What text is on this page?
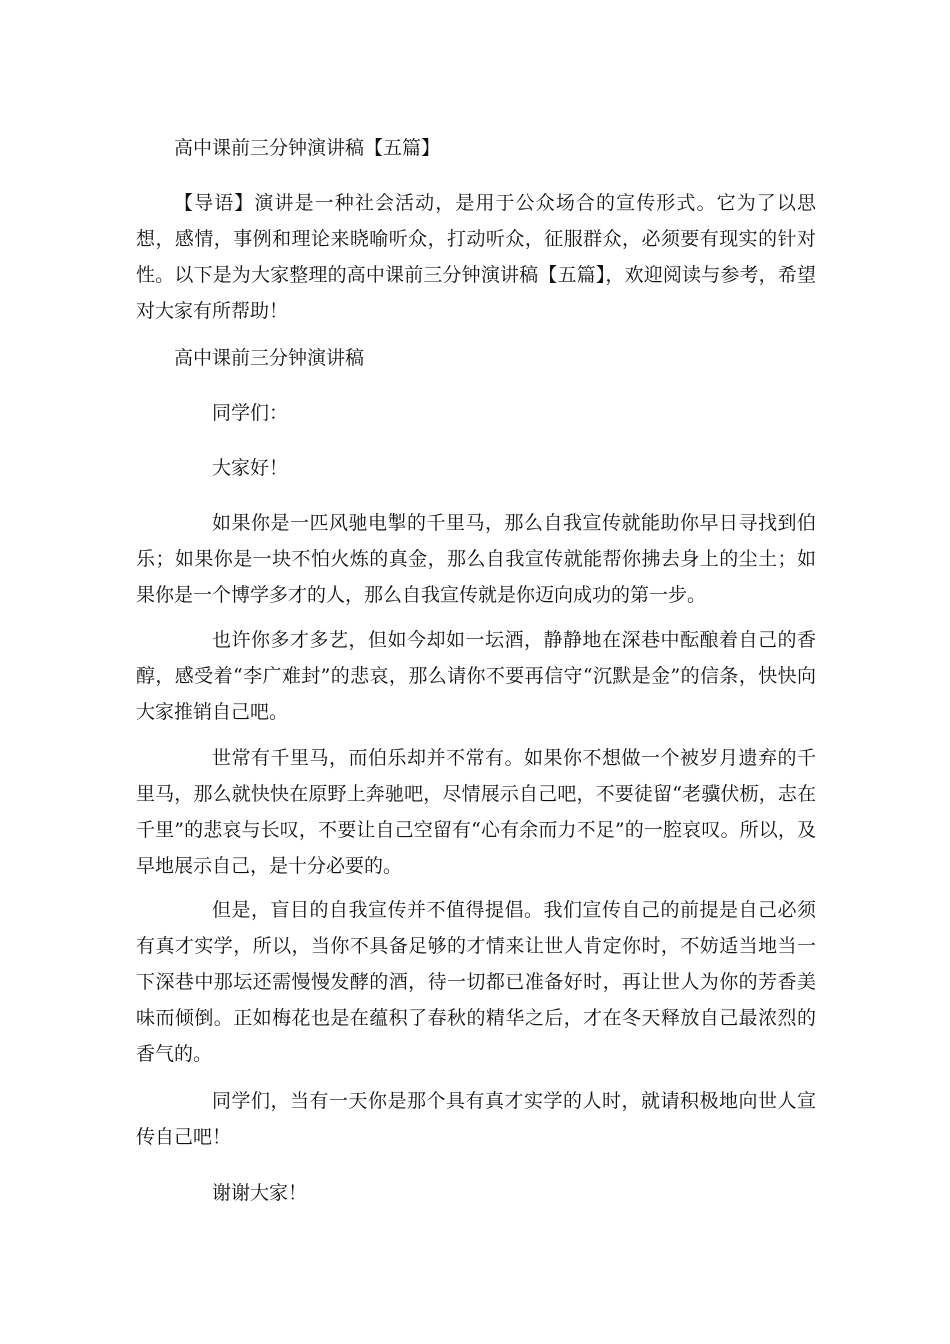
高中课前三分钟演讲稿【五篇】

【导语】演讲是一种社会活动，是用于公众场合的宣传形式。它为了以思想，感情，事例和理论来晓喻听众，打动听众，征服群众，必须要有现实的针对性。以下是为大家整理的高中课前三分钟演讲稿【五篇】，欢迎阅读与参考，希望对大家有所帮助！

高中课前三分钟演讲稿

同学们：

大家好！

如果你是一匹风驰电掣的千里马，那么自我宣传就能助你早日寻找到伯乐；如果你是一块不怕火炼的真金，那么自我宣传就能帮你拂去身上的尘土；如果你是一个博学多才的人，那么自我宣传就是你迈向成功的第一步。

也许你多才多艺，但如今却如一坛酒，静静地在深巷中酝酿着自己的香醇，感受着“李广难封”的悲哀，那么请你不要再信守“沉默是金”的信条，快快向大家推销自己吧。

世常有千里马，而伯乐却并不常有。如果你不想做一个被岁月遗弃的千里马，那么就快快在原野上奔驰吧，尽情展示自己吧，不要徒留“老骥伏枥，志在千里”的悲哀与长叹，不要让自己空留有“心有余而力不足”的一腔哀叹。所以，及早地展示自己，是十分必要的。

但是，盲目的自我宣传并不值得提倡。我们宣传自己的前提是自己必须有真才实学，所以，当你不具备足够的才情来让世人肯定你时，不妨适当地当一下深巷中那坛还需慢慢发酵的酒，待一切都已准备好时，再让世人为你的芳香美味而倾倒。正如梅花也是在蕴积了春秋的精华之后，才在冬天释放自己最浓烈的香气的。

同学们，当有一天你是那个具有真才实学的人时，就请积极地向世人宣传自己吧！

谢谢大家！
